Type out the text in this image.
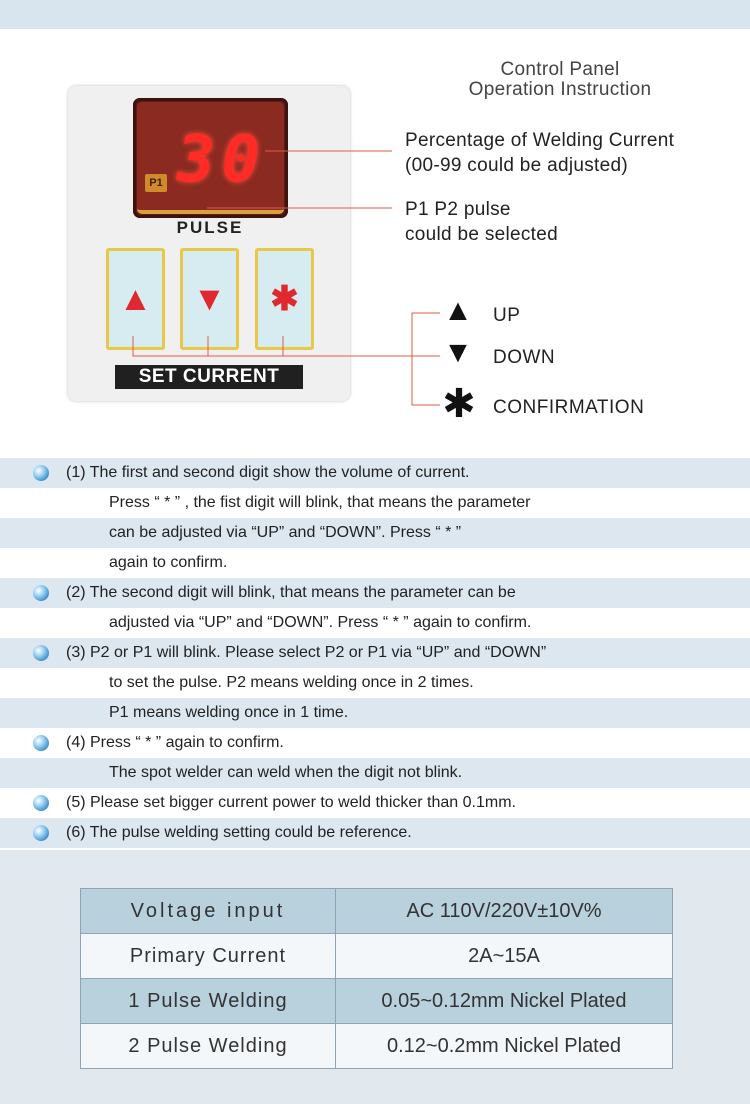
Control Panel
Operation Instruction
P1 30
PULSE
▲ ▼	✱
SET CURRENT
Percentage of Welding Current
(00-99 could be adjusted)
P1 P2 pulse
could be selected
▲ UP
▼ DOWN
✱ CONFIRMATION
(1) The first and second digit show the volume of current.
Press “ * ” , the fist digit will blink, that means the parameter
can be adjusted via “UP” and “DOWN”. Press “ * ”
again to confirm.
(2) The second digit will blink, that means the parameter can be
adjusted via “UP” and “DOWN”. Press “ * ” again to confirm.
(3) P2 or P1 will blink. Please select P2 or P1 via “UP” and “DOWN”
to set the pulse. P2 means welding once in 2 times.
P1 means welding once in 1 time.
(4) Press “ * ” again to confirm.
The spot welder can weld when the digit not blink.
(5) Please set bigger current power to weld thicker than 0.1mm.
(6) The pulse welding setting could be reference.
Voltage input	AC 110V/220V±10V%
Primary Current	2A~15A
1 Pulse Welding	0.05~0.12mm Nickel Plated
2 Pulse Welding	0.12~0.2mm Nickel Plated
